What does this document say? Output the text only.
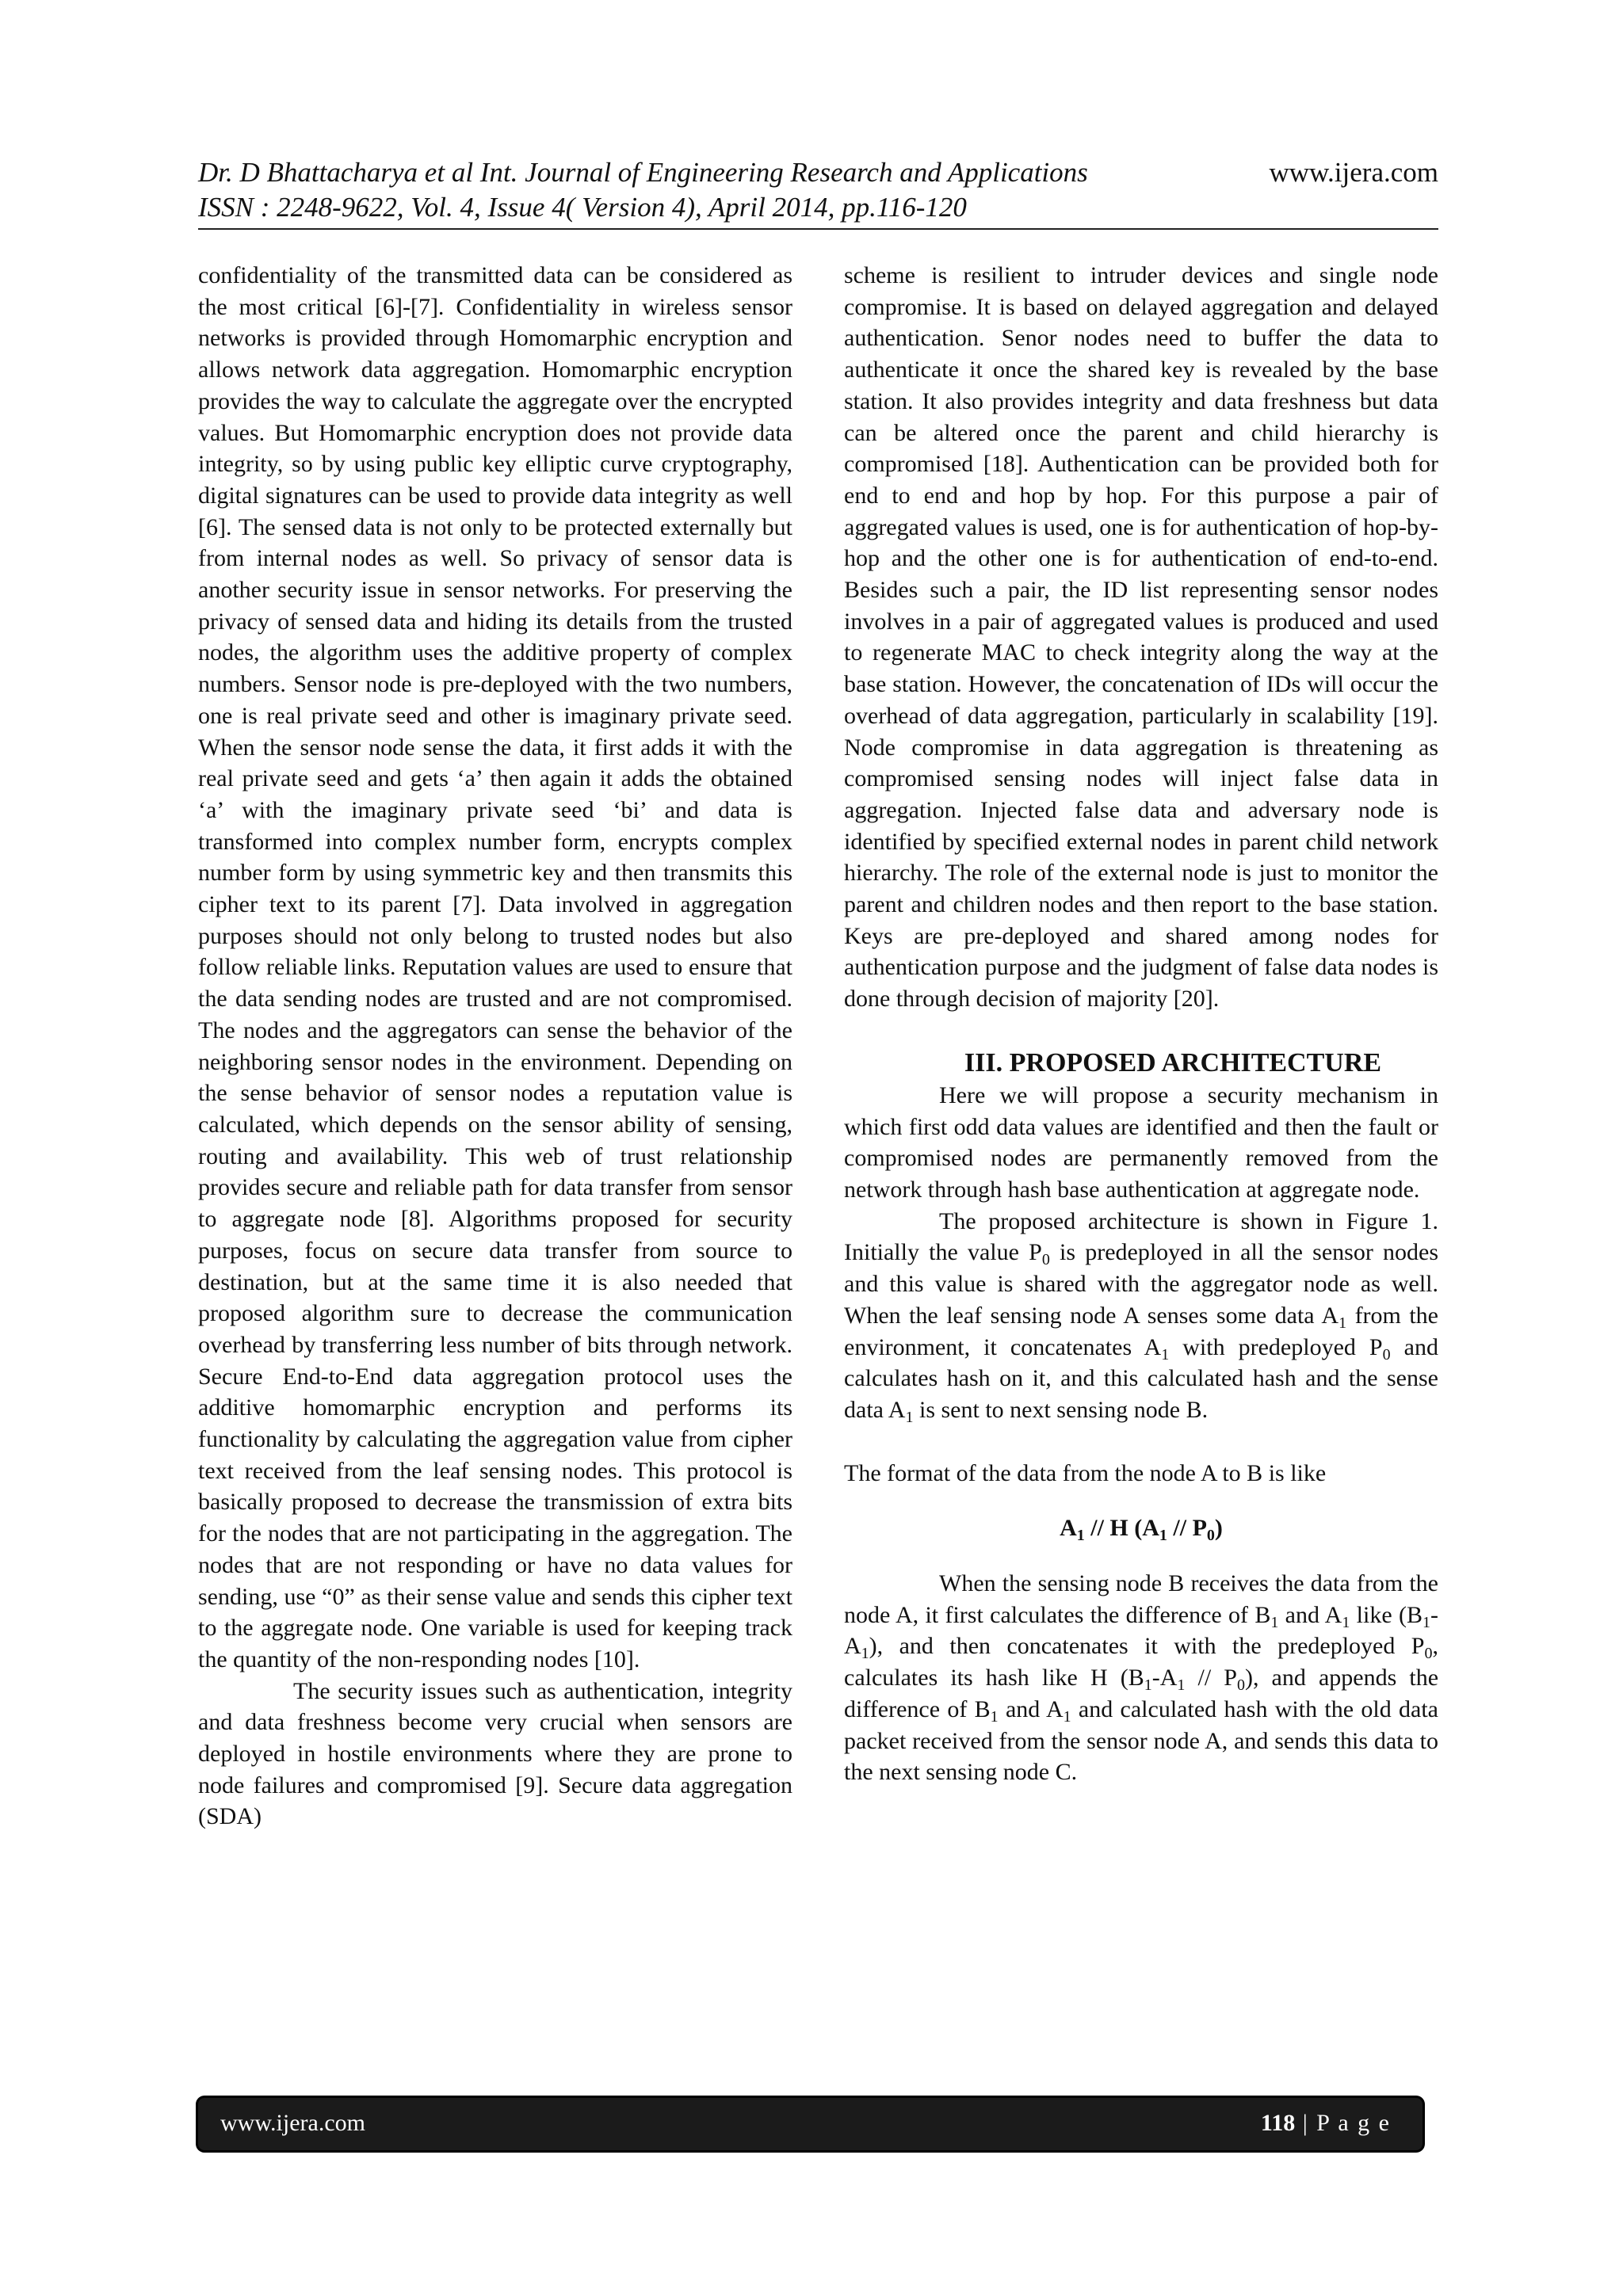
Dr. D Bhattacharya et al Int. Journal of Engineering Research and Applications
ISSN : 2248-9622, Vol. 4, Issue 4( Version 4), April 2014, pp.116-120
www.ijera.com

confidentiality of the transmitted data can be considered as the most critical [6]-[7]. Confidentiality in wireless sensor networks is provided through Homomarphic encryption and allows network data aggregation. Homomarphic encryption provides the way to calculate the aggregate over the encrypted values. But Homomarphic encryption does not provide data integrity, so by using public key elliptic curve cryptography, digital signatures can be used to provide data integrity as well [6]. The sensed data is not only to be protected externally but from internal nodes as well. So privacy of sensor data is another security issue in sensor networks. For preserving the privacy of sensed data and hiding its details from the trusted nodes, the algorithm uses the additive property of complex numbers. Sensor node is pre-deployed with the two numbers, one is real private seed and other is imaginary private seed. When the sensor node sense the data, it first adds it with the real private seed and gets ‘a’ then again it adds the obtained ‘a’ with the imaginary private seed ‘bi’ and data is transformed into complex number form, encrypts complex number form by using symmetric key and then transmits this cipher text to its parent [7]. Data involved in aggregation purposes should not only belong to trusted nodes but also follow reliable links. Reputation values are used to ensure that the data sending nodes are trusted and are not compromised. The nodes and the aggregators can sense the behavior of the neighboring sensor nodes in the environment. Depending on the sense behavior of sensor nodes a reputation value is calculated, which depends on the sensor ability of sensing, routing and availability. This web of trust relationship provides secure and reliable path for data transfer from sensor to aggregate node [8]. Algorithms proposed for security purposes, focus on secure data transfer from source to destination, but at the same time it is also needed that proposed algorithm sure to decrease the communication overhead by transferring less number of bits through network. Secure End-to-End data aggregation protocol uses the additive homomarphic encryption and performs its functionality by calculating the aggregation value from cipher text received from the leaf sensing nodes. This protocol is basically proposed to decrease the transmission of extra bits for the nodes that are not participating in the aggregation. The nodes that are not responding or have no data values for sending, use “0” as their sense value and sends this cipher text to the aggregate node. One variable is used for keeping track the quantity of the non-responding nodes [10].

The security issues such as authentication, integrity and data freshness become very crucial when sensors are deployed in hostile environments where they are prone to node failures and compromised [9]. Secure data aggregation (SDA)

scheme is resilient to intruder devices and single node compromise. It is based on delayed aggregation and delayed authentication. Senor nodes need to buffer the data to authenticate it once the shared key is revealed by the base station. It also provides integrity and data freshness but data can be altered once the parent and child hierarchy is compromised [18]. Authentication can be provided both for end to end and hop by hop. For this purpose a pair of aggregated values is used, one is for authentication of hop-by-hop and the other one is for authentication of end-to-end. Besides such a pair, the ID list representing sensor nodes involves in a pair of aggregated values is produced and used to regenerate MAC to check integrity along the way at the base station. However, the concatenation of IDs will occur the overhead of data aggregation, particularly in scalability [19]. Node compromise in data aggregation is threatening as compromised sensing nodes will inject false data in aggregation. Injected false data and adversary node is identified by specified external nodes in parent child network hierarchy. The role of the external node is just to monitor the parent and children nodes and then report to the base station. Keys are pre-deployed and shared among nodes for authentication purpose and the judgment of false data nodes is done through decision of majority [20].

III. PROPOSED ARCHITECTURE

Here we will propose a security mechanism in which first odd data values are identified and then the fault or compromised nodes are permanently removed from the network through hash base authentication at aggregate node.

The proposed architecture is shown in Figure 1. Initially the value $P_0$ is predeployed in all the sensor nodes and this value is shared with the aggregator node as well. When the leaf sensing node A senses some data $A_1$ from the environment, it concatenates $A_1$ with predeployed $P_0$ and calculates hash on it, and this calculated hash and the sense data $A_1$ is sent to next sensing node B.

The format of the data from the node A to B is like

$A_1$ // H $(A_1 // P_0)$

When the sensing node B receives the data from the node A, it first calculates the difference of $B_1$ and $A_1$ like $(B_1-A_1)$, and then concatenates it with the predeployed $P_0$, calculates its hash like H $(B_1-A_1 // P_0)$, and appends the difference of $B_1$ and $A_1$ and calculated hash with the old data packet received from the sensor node A, and sends this data to the next sensing node C.

www.ijera.com	118 | P a g e
